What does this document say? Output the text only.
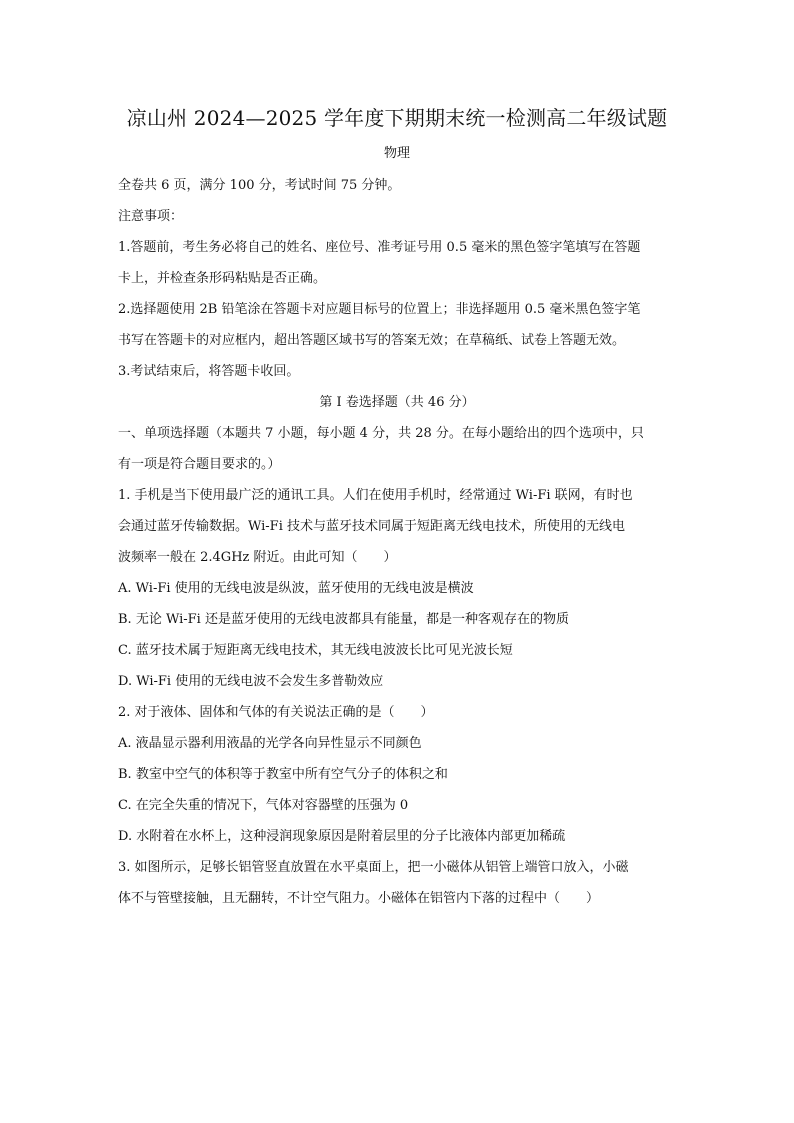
凉山州 2024—2025 学年度下期期末统一检测高二年级试题
物理
全卷共 6 页，满分 100 分，考试时间 75 分钟。
注意事项：
1.答题前，考生务必将自己的姓名、座位号、准考证号用 0.5 毫米的黑色签字笔填写在答题
卡上，并检查条形码粘贴是否正确。
2.选择题使用 2B 铅笔涂在答题卡对应题目标号的位置上；非选择题用 0.5 毫米黑色签字笔
书写在答题卡的对应框内，超出答题区域书写的答案无效；在草稿纸、试卷上答题无效。
3.考试结束后，将答题卡收回。
第 I 卷选择题（共 46 分）
一、单项选择题（本题共 7 小题，每小题 4 分，共 28 分。在每小题给出的四个选项中，只
有一项是符合题目要求的。）
1. 手机是当下使用最广泛的通讯工具。人们在使用手机时，经常通过 Wi-Fi 联网，有时也
会通过蓝牙传输数据。Wi-Fi 技术与蓝牙技术同属于短距离无线电技术，所使用的无线电
波频率一般在 2.4GHz 附近。由此可知（　　）
A. Wi-Fi 使用的无线电波是纵波，蓝牙使用的无线电波是横波
B. 无论 Wi-Fi 还是蓝牙使用的无线电波都具有能量，都是一种客观存在的物质
C. 蓝牙技术属于短距离无线电技术，其无线电波波长比可见光波长短
D. Wi-Fi 使用的无线电波不会发生多普勒效应
2. 对于液体、固体和气体的有关说法正确的是（　　）
A. 液晶显示器利用液晶的光学各向异性显示不同颜色
B. 教室中空气的体积等于教室中所有空气分子的体积之和
C. 在完全失重的情况下，气体对容器壁的压强为 0
D. 水附着在水杯上，这种浸润现象原因是附着层里的分子比液体内部更加稀疏
3. 如图所示，足够长铝管竖直放置在水平桌面上，把一小磁体从铝管上端管口放入，小磁
体不与管壁接触，且无翻转，不计空气阻力。小磁体在铝管内下落的过程中（　　）
